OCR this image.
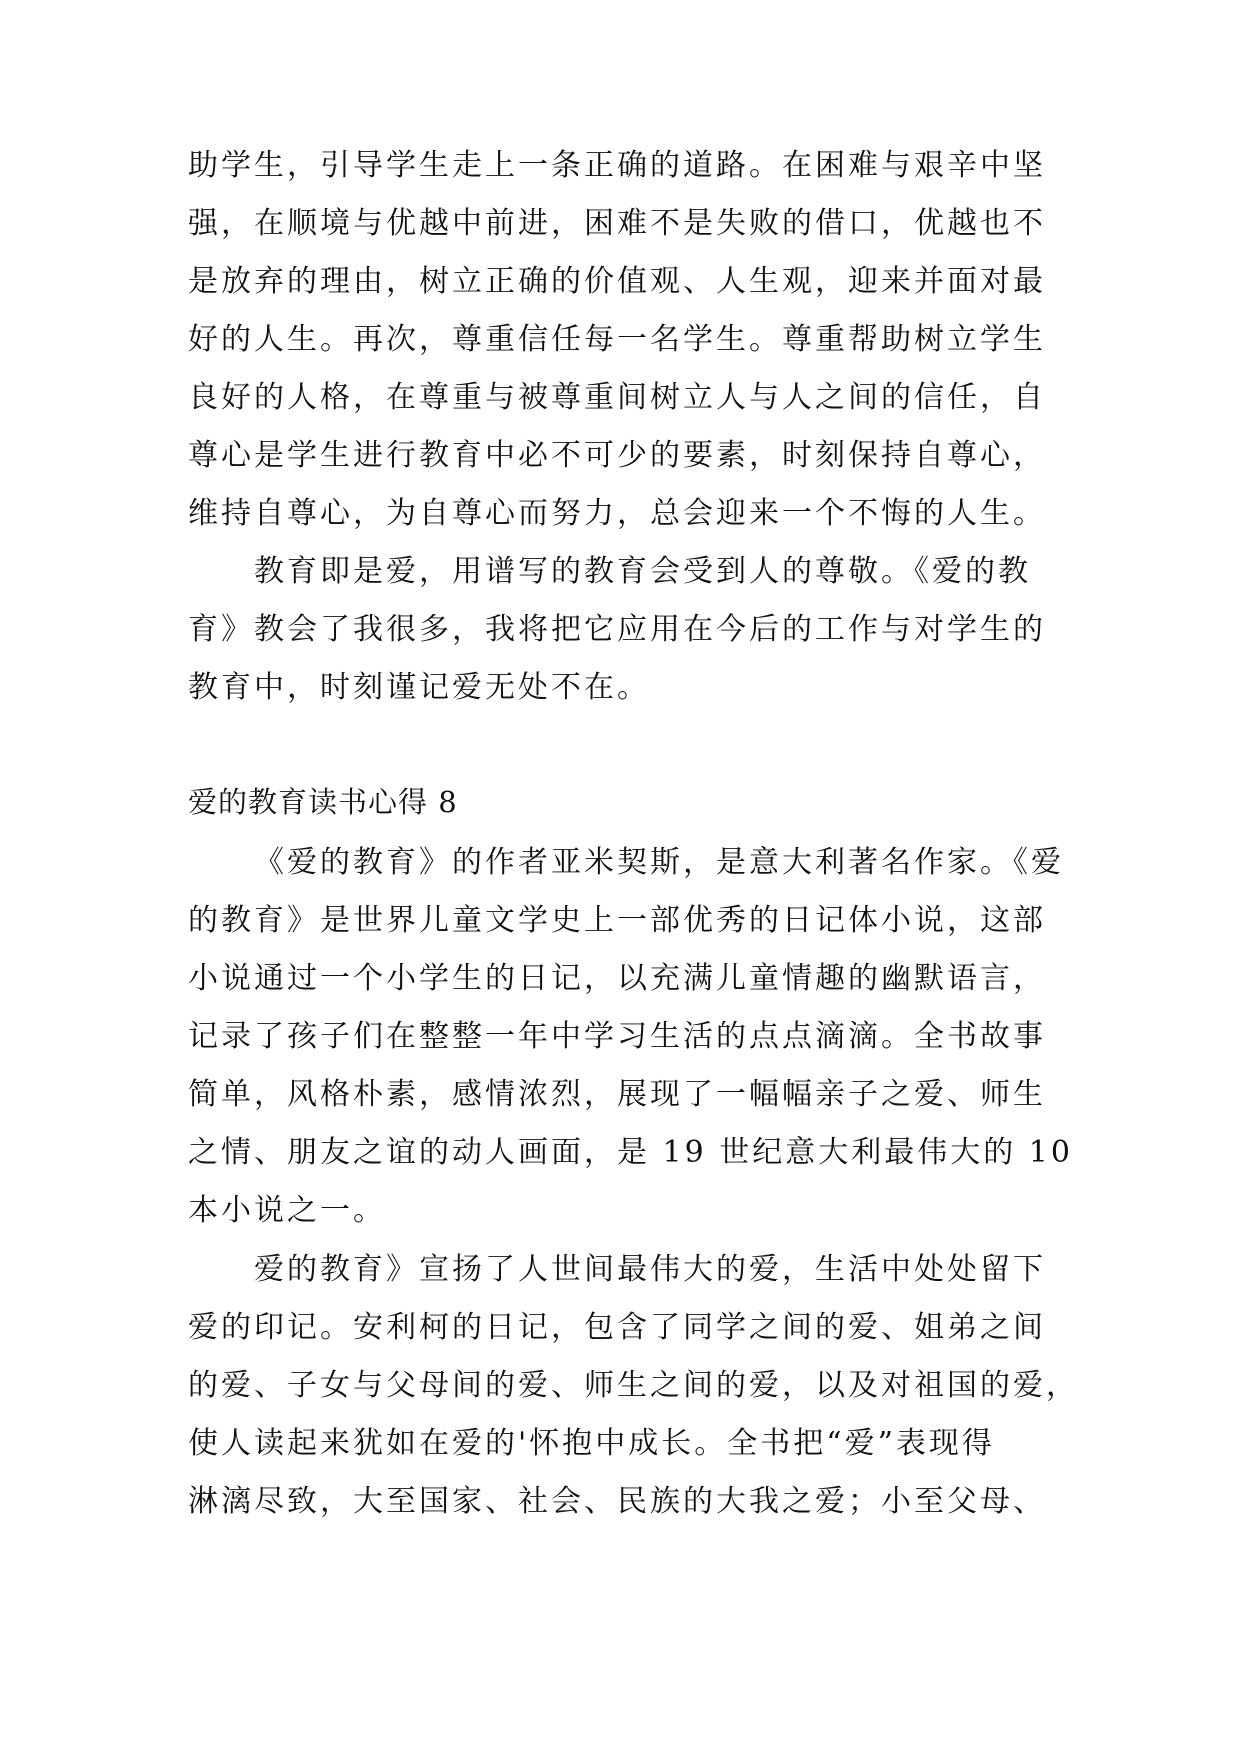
助学生，引导学生走上一条正确的道路。在困难与艰辛中坚
强，在顺境与优越中前进，困难不是失败的借口，优越也不
是放弃的理由，树立正确的价值观、人生观，迎来并面对最
好的人生。再次，尊重信任每一名学生。尊重帮助树立学生
良好的人格，在尊重与被尊重间树立人与人之间的信任，自
尊心是学生进行教育中必不可少的要素，时刻保持自尊心，
维持自尊心，为自尊心而努力，总会迎来一个不悔的人生。
教育即是爱，用谱写的教育会受到人的尊敬。《爱的教
育》教会了我很多，我将把它应用在今后的工作与对学生的
教育中，时刻谨记爱无处不在。
爱的教育读书心得 8
《爱的教育》的作者亚米契斯，是意大利著名作家。《爱
的教育》是世界儿童文学史上一部优秀的日记体小说，这部
小说通过一个小学生的日记，以充满儿童情趣的幽默语言，
记录了孩子们在整整一年中学习生活的点点滴滴。全书故事
简单，风格朴素，感情浓烈，展现了一幅幅亲子之爱、师生
之情、朋友之谊的动人画面，是 19 世纪意大利最伟大的 10
本小说之一。
爱的教育》宣扬了人世间最伟大的爱，生活中处处留下
爱的印记。安利柯的日记，包含了同学之间的爱、姐弟之间
的爱、子女与父母间的爱、师生之间的爱，以及对祖国的爱，
使人读起来犹如在爱的'怀抱中成长。全书把“爱”表现得
淋漓尽致，大至国家、社会、民族的大我之爱；小至父母、
